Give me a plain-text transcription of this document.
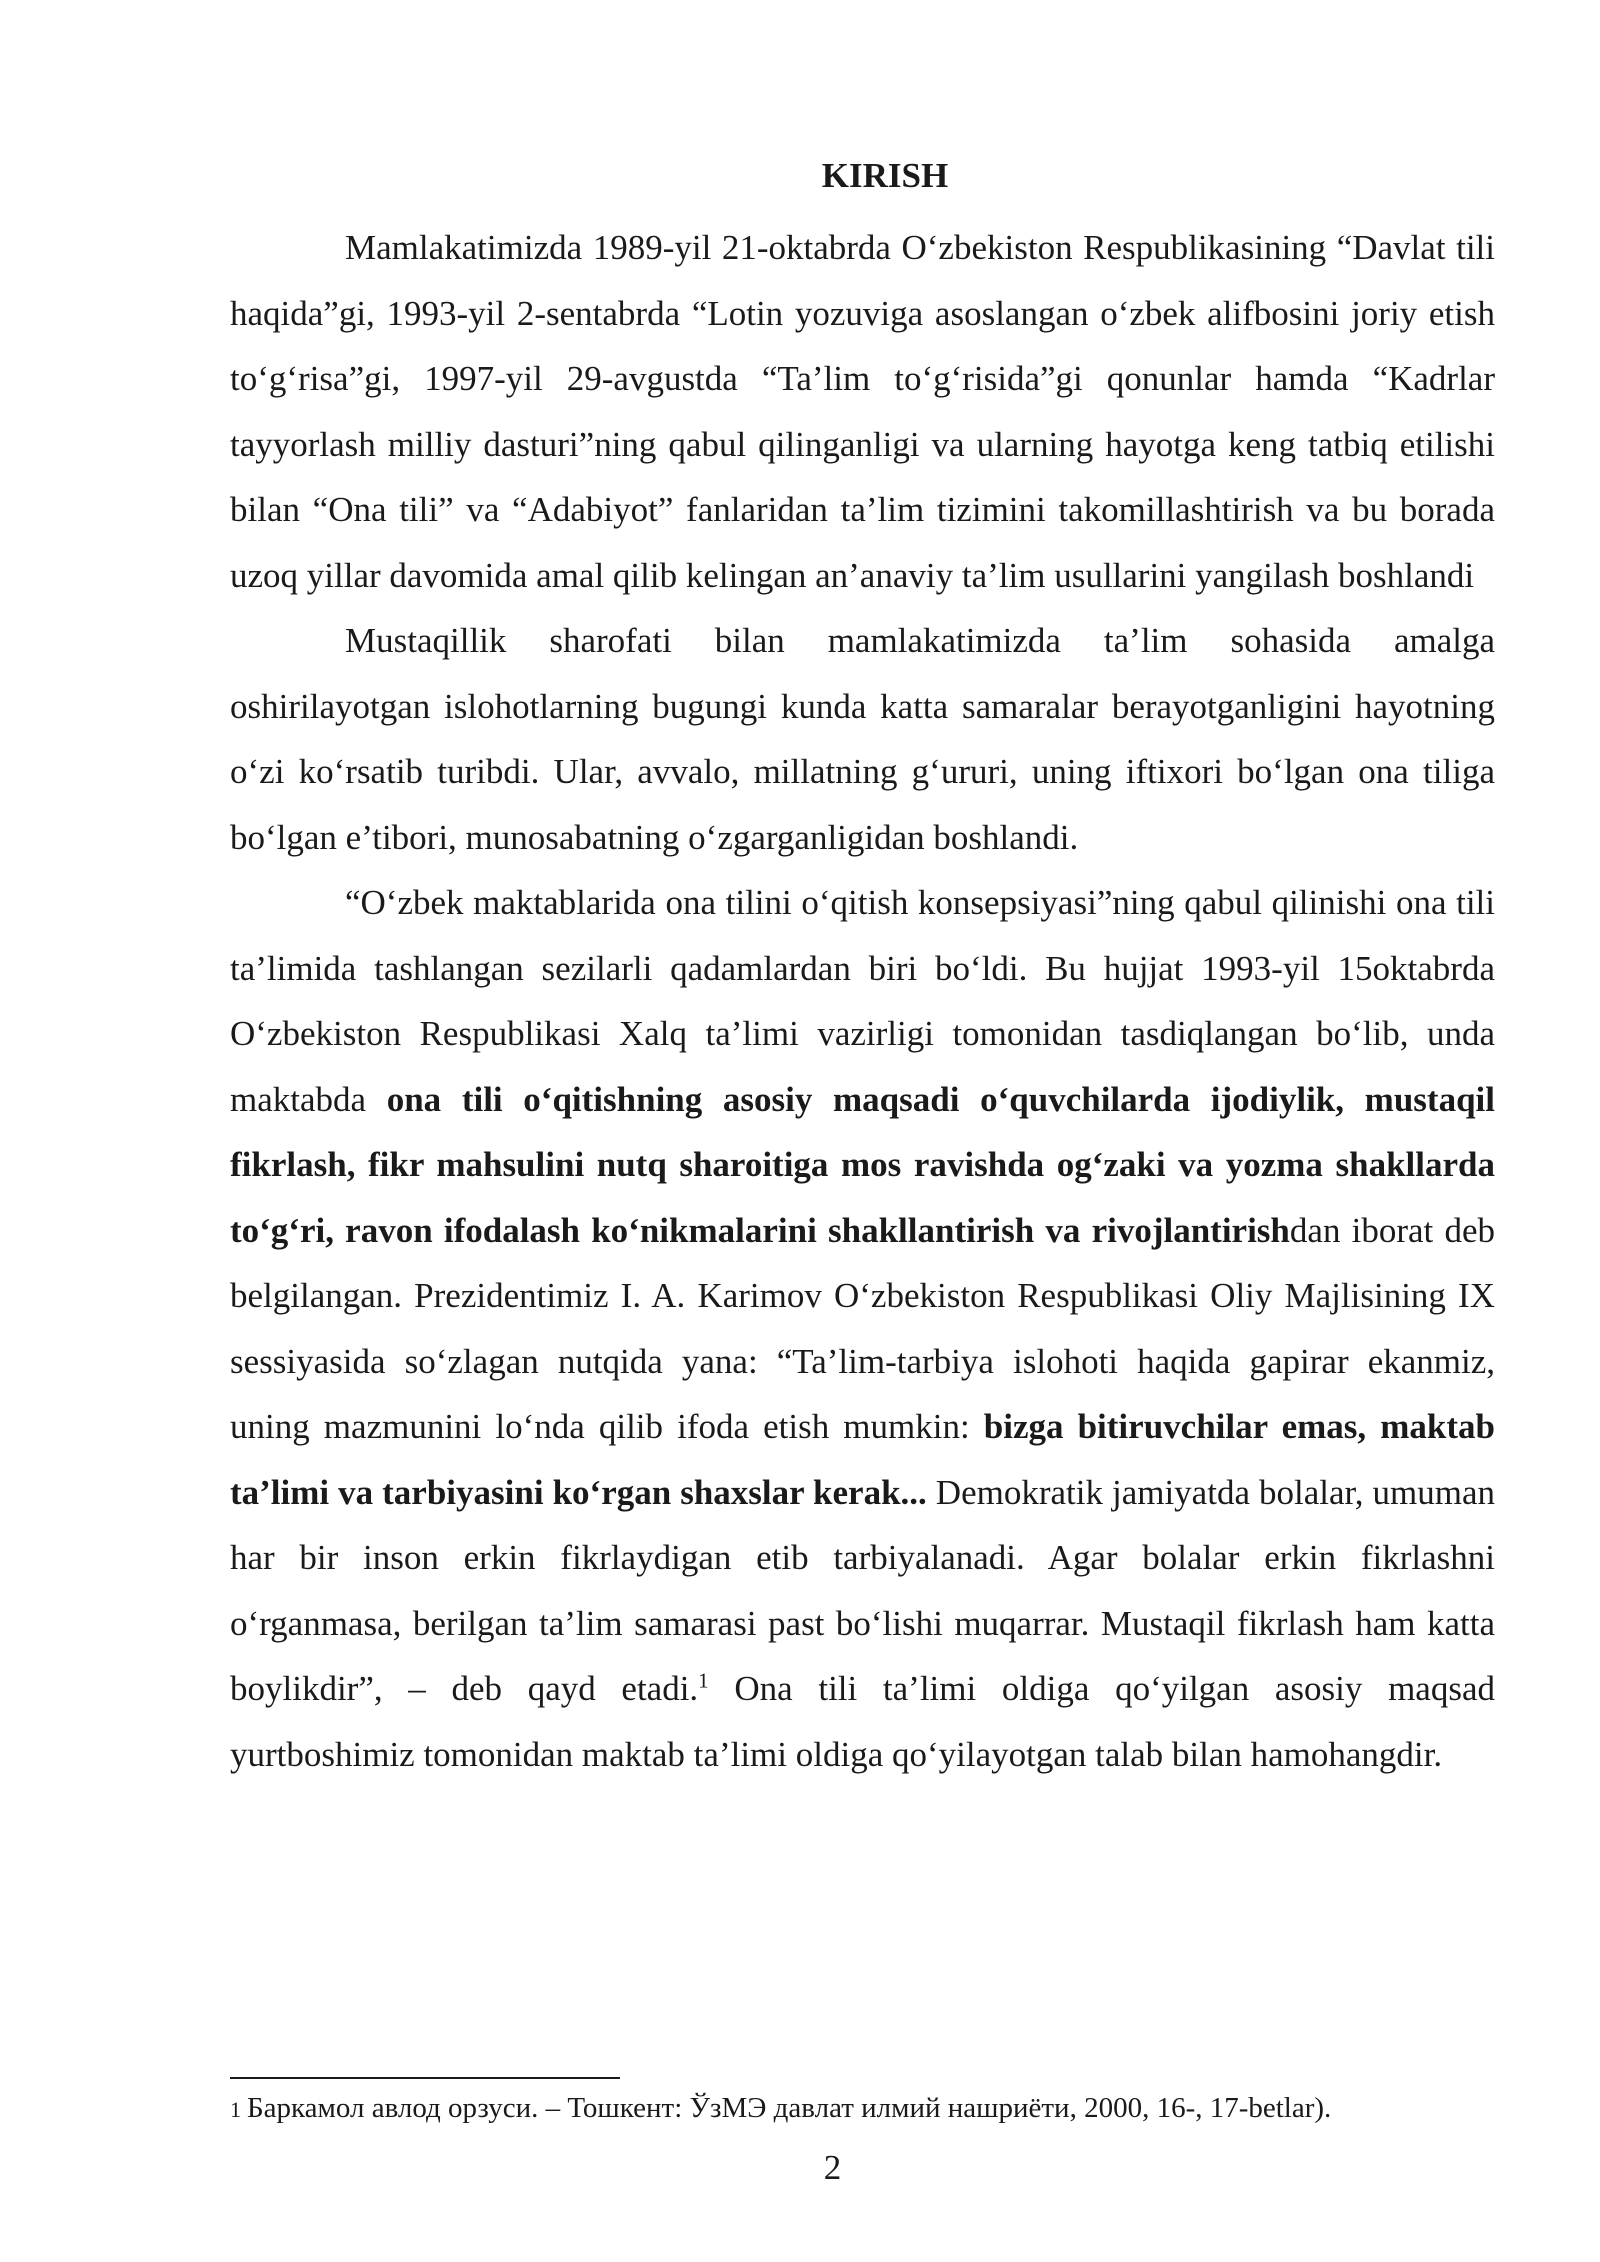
KIRISH

Mamlakatimizda 1989-yil 21-oktabrda O‘zbekiston Respublikasining “Davlat tili haqida”gi, 1993-yil 2-sentabrda “Lotin yozuviga asoslangan o‘zbek alifbosini joriy etish to‘g‘risa”gi, 1997-yil 29-avgustda “Ta’lim to‘g‘risida”gi qonunlar hamda “Kadrlar tayyorlash milliy dasturi”ning qabul qilinganligi va ularning hayotga keng tatbiq etilishi bilan “Ona tili” va “Adabiyot” fanlaridan ta’lim tizimini takomillashtirish va bu borada uzoq yillar davomida amal qilib kelingan an’anaviy ta’lim usullarini yangilash boshlandi

Mustaqillik sharofati bilan mamlakatimizda ta’lim sohasida amalga oshirilayotgan islohotlarning bugungi kunda katta samaralar berayotganligini hayotning o‘zi ko‘rsatib turibdi. Ular, avvalo, millatning g‘ururi, uning iftixori bo‘lgan ona tiliga bo‘lgan e’tibori, munosabatning o‘zgarganligidan boshlandi.

“O‘zbek maktablarida ona tilini o‘qitish konsepsiyasi”ning qabul qilinishi ona tili ta’limida tashlangan sezilarli qadamlardan biri bo‘ldi. Bu hujjat 1993-yil 15oktabrda O‘zbekiston Respublikasi Xalq ta’limi vazirligi tomonidan tasdiqlangan bo‘lib, unda maktabda ona tili o‘qitishning asosiy maqsadi o‘quvchilarda ijodiylik, mustaqil fikrlash, fikr mahsulini nutq sharoitiga mos ravishda og‘zaki va yozma shakllarda to‘g‘ri, ravon ifodalash ko‘nikmalarini shakllantirish va rivojlantirishdan iborat deb belgilangan. Prezidentimiz I. A. Karimov O‘zbekiston Respublikasi Oliy Majlisining IX sessiyasida so‘zlagan nutqida yana: “Ta’lim-tarbiya islohoti haqida gapirar ekanmiz, uning mazmunini lo‘nda qilib ifoda etish mumkin: bizga bitiruvchilar emas, maktab ta’limi va tarbiyasini ko‘rgan shaxslar kerak... Demokratik jamiyatda bolalar, umuman har bir inson erkin fikrlaydigan etib tarbiyalanadi. Agar bolalar erkin fikrlashni o‘rganmasa, berilgan ta’lim samarasi past bo‘lishi muqarrar. Mustaqil fikrlash ham katta boylikdir”, – deb qayd etadi.$^1$ Ona tili ta’limi oldiga qo‘yilgan asosiy maqsad yurtboshimiz tomonidan maktab ta’limi oldiga qo‘yilayotgan talab bilan hamohangdir.

1 Баркамол авлод орзуси. – Тошкент: ЎзМЭ давлат илмий нашриёти, 2000, 16-, 17-betlar).
2
